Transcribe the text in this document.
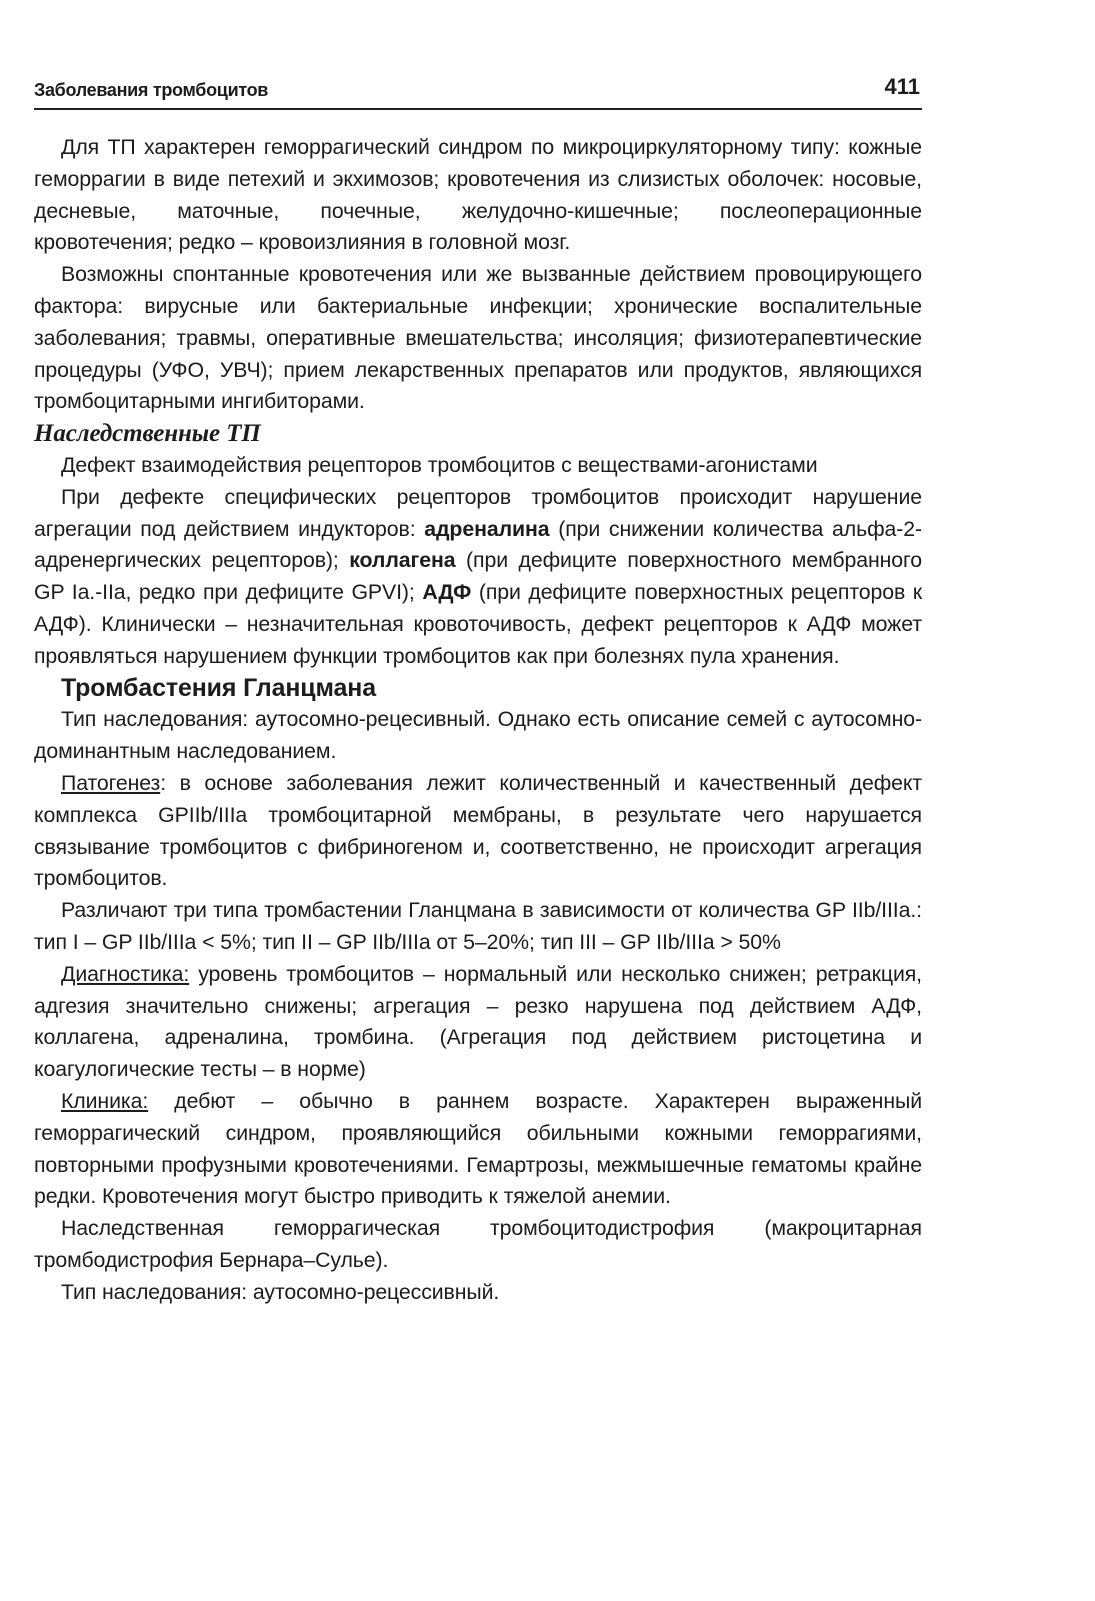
Заболевания тромбоцитов	411

Для ТП характерен геморрагический синдром по микроциркуляторному типу: кожные геморрагии в виде петехий и экхимозов; кровотечения из слизистых оболочек: носовые, десневые, маточные, почечные, желудочно-кишечные; послеоперационные кровотечения; редко – кровоизлияния в головной мозг.

Возможны спонтанные кровотечения или же вызванные действием провоцирующего фактора: вирусные или бактериальные инфекции; хронические воспалительные заболевания; травмы, оперативные вмешательства; инсоляция; физиотерапевтические процедуры (УФО, УВЧ); прием лекарственных препаратов или продуктов, являющихся тромбоцитарными ингибиторами.

Наследственные ТП

Дефект взаимодействия рецепторов тромбоцитов с веществами-агонистами

При дефекте специфических рецепторов тромбоцитов происходит нарушение агрегации под действием индукторов: адреналина (при снижении количества альфа-2-адренергических рецепторов); коллагена (при дефиците поверхностного мембранного GP Ia.-IIa, редко при дефиците GPVI); АДФ (при дефиците поверхностных рецепторов к АДФ). Клинически – незначительная кровоточивость, дефект рецепторов к АДФ может проявляться нарушением функции тромбоцитов как при болезнях пула хранения.

Тромбастения Гланцмана

Тип наследования: аутосомно-рецесивный. Однако есть описание семей с аутосомно-доминантным наследованием.

Патогенез: в основе заболевания лежит количественный и качественный дефект комплекса GPIIb/IIIa тромбоцитарной мембраны, в результате чего нарушается связывание тромбоцитов с фибриногеном и, соответственно, не происходит агрегация тромбоцитов.

Различают три типа тромбастении Гланцмана в зависимости от количества GP IIb/IIIa.: тип I – GP IIb/IIIa < 5%; тип II – GP IIb/IIIa от 5–20%; тип III – GP IIb/IIIa > 50%

Диагностика: уровень тромбоцитов – нормальный или несколько снижен; ретракция, адгезия значительно снижены; агрегация – резко нарушена под действием АДФ, коллагена, адреналина, тромбина. (Агрегация под действием ристоцетина и коагулогические тесты – в норме)

Клиника: дебют – обычно в раннем возрасте. Характерен выраженный геморрагический синдром, проявляющийся обильными кожными геморрагиями, повторными профузными кровотечениями. Гемартрозы, межмышечные гематомы крайне редки. Кровотечения могут быстро приводить к тяжелой анемии.

Наследственная геморрагическая тромбоцитодистрофия (макроцитарная тромбодистрофия Бернара–Сулье).

Тип наследования: аутосомно-рецессивный.
